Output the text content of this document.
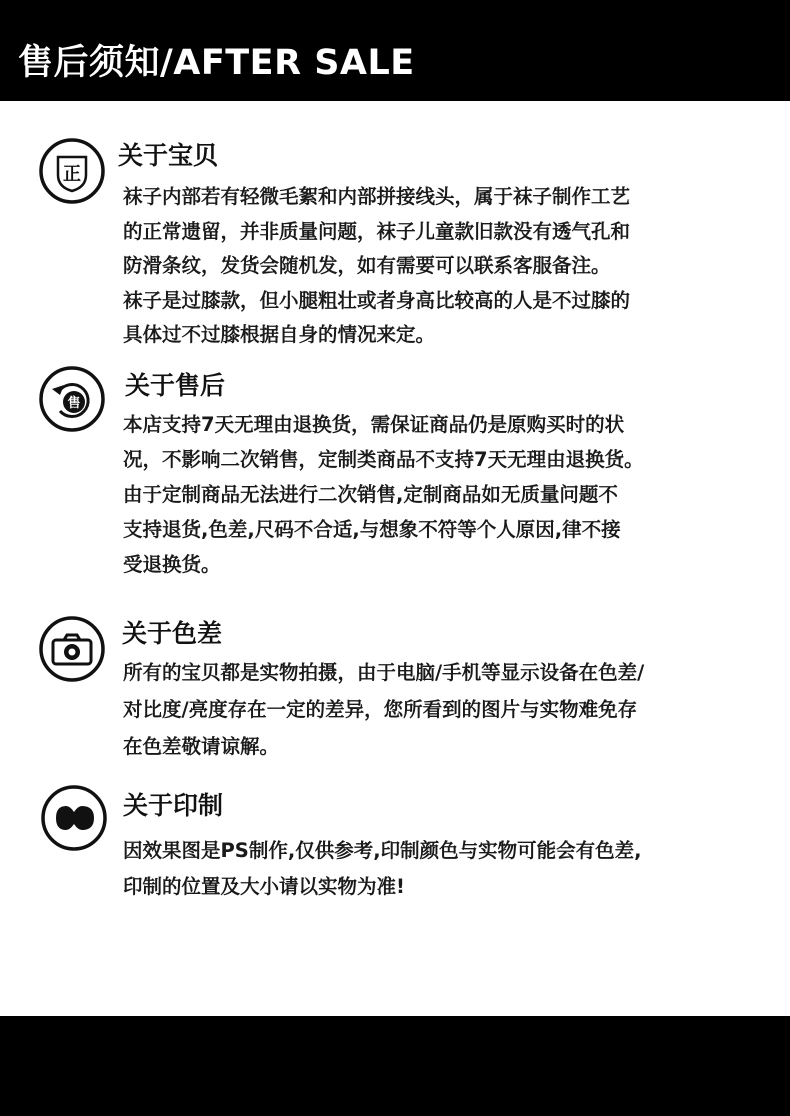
售后须知/AFTER SALE
正
关于宝贝

袜子内部若有轻微毛絮和内部拼接线头，属于袜子制作工艺

的正常遗留，并非质量问题，袜子儿童款旧款没有透气孔和

防滑条纹，发货会随机发，如有需要可以联系客服备注。

袜子是过膝款，但小腿粗壮或者身高比较高的人是不过膝的

具体过不过膝根据自身的情况来定。

售
关于售后

本店支持7天无理由退换货，需保证商品仍是原购买时的状

况，不影响二次销售，定制类商品不支持7天无理由退换货。

由于定制商品无法进行二次销售,定制商品如无质量问题不

支持退货,色差,尺码不合适,与想象不符等个人原因,律不接

受退换货。

关于色差

所有的宝贝都是实物拍摄，由于电脑/手机等显示设备在色差/

对比度/亮度存在一定的差异，您所看到的图片与实物难免存

在色差敬请谅解。

关于印制

因效果图是PS制作,仅供参考,印制颜色与实物可能会有色差,

印制的位置及大小请以实物为准!
